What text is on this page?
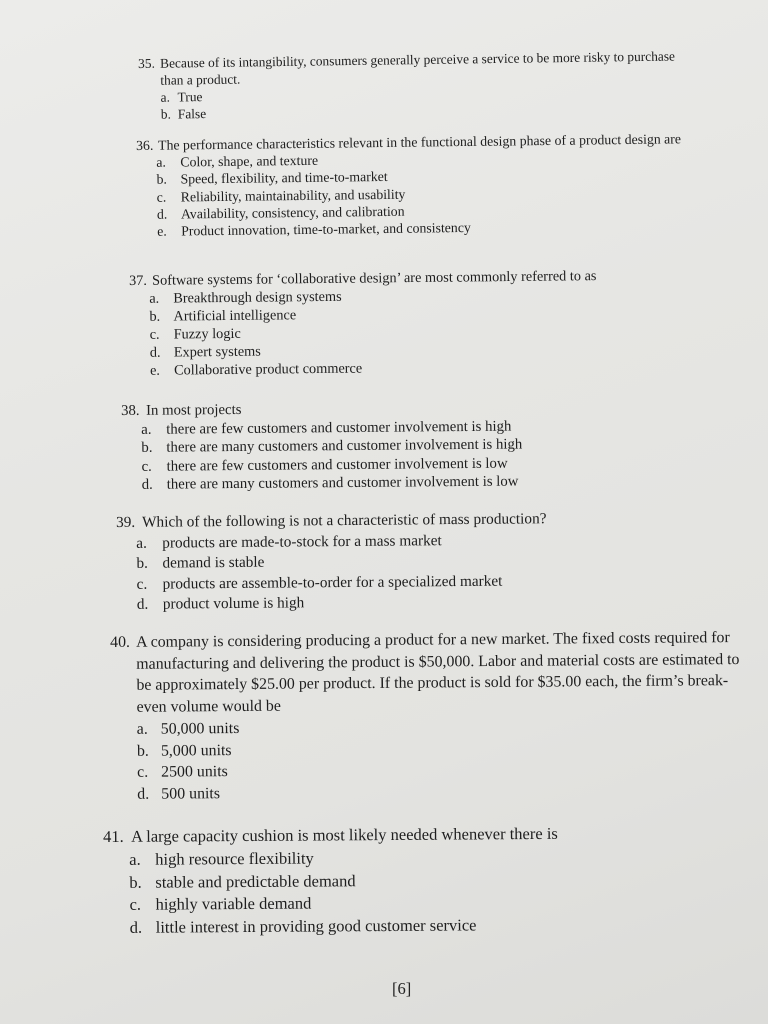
35. Because of its intangibility, consumers generally perceive a service to be more risky to purchase than a product.
a. True
b. False
36. The performance characteristics relevant in the functional design phase of a product design are
a.	Color, shape, and texture
b. Speed, flexibility, and time-to-market
c.	Reliability, maintainability, and usability
d. Availability, consistency, and calibration
e.	Product innovation, time-to-market, and consistency
37. Software systems for ‘collaborative design’ are most commonly referred to as
a. Breakthrough design systems
b. Artificial intelligence
c. Fuzzy logic
d. Expert systems
e. Collaborative product commerce
38. In most projects
a. there are few customers and customer involvement is high
b. there are many customers and customer involvement is high
c. there are few customers and customer involvement is low
d. there are many customers and customer involvement is low
39. Which of the following is not a characteristic of mass production?
a. products are made-to-stock for a mass market
b. demand is stable
c. products are assemble-to-order for a specialized market
d. product volume is high
40. A company is considering producing a product for a new market. The fixed costs required for manufacturing and delivering the product is $50,000. Labor and material costs are estimated to be approximately $25.00 per product. If the product is sold for $35.00 each, the firm’s break-even volume would be
a. 50,000 units
b. 5,000 units
c. 2500 units
d. 500 units
41. A large capacity cushion is most likely needed whenever there is
a. high resource flexibility
b. stable and predictable demand
c. highly variable demand
d. little interest in providing good customer service
[6]
